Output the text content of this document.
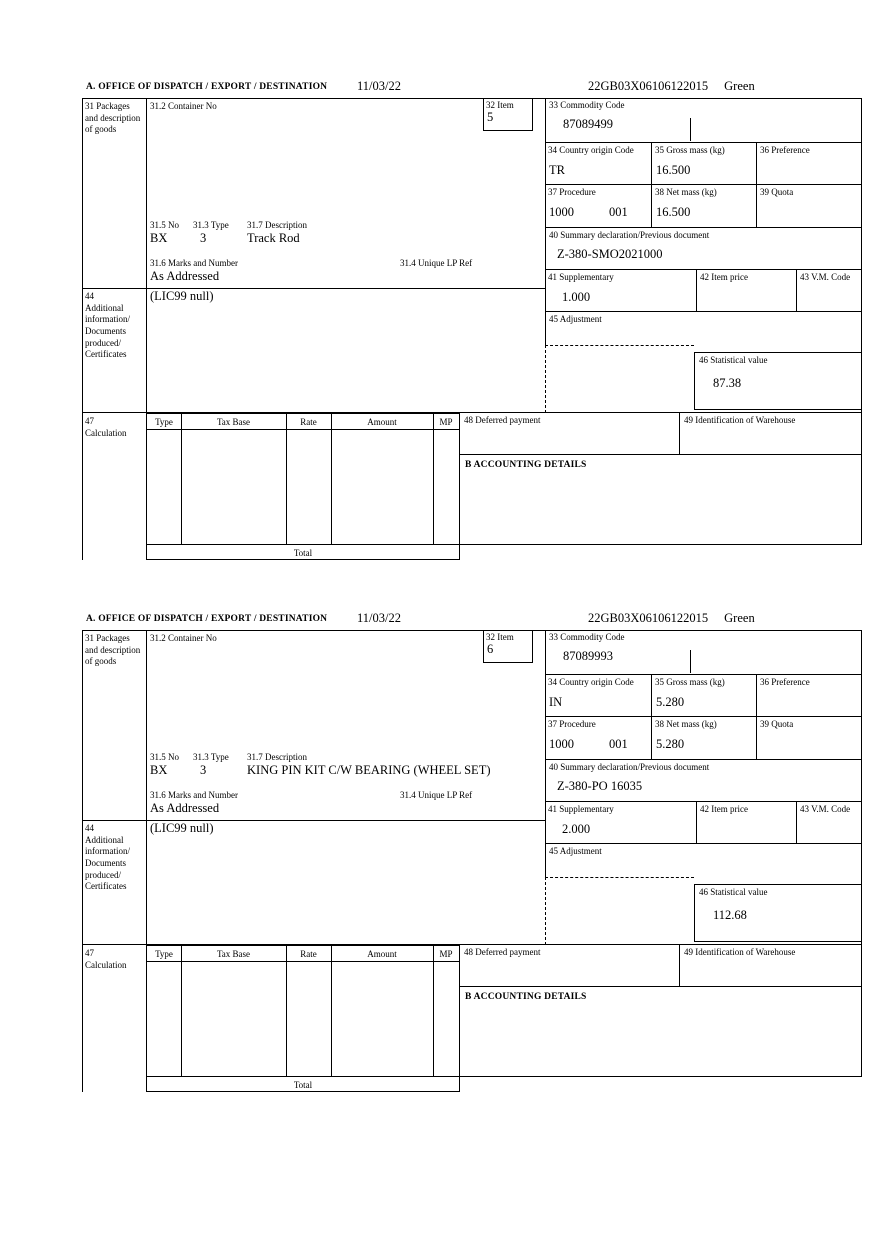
A. OFFICE OF DISPATCH / EXPORT / DESTINATION 11/03/22	22GB03X06106122015 Green
31 Packages and description of goods
44
Additional information/ Documents produced/ Certificates
31.2 Container No	32 Item
5
31.5 No 31.3 Type 31.7 Description
BX	3	Track Rod
31.6 Marks and Number	31.4 Unique LP Ref
As Addressed
(LIC99 null)
33 Commodity Code
87089499
34 Country origin Code
TR
35 Gross mass (kg)
16.500
36 Preference
37 Procedure
1000	001
38 Net mass (kg)
16.500
39 Quota
40 Summary declaration/Previous document
Z-380-SMO2021000
41 Supplementary
1.000
42 Item price	43 V.M. Code
45 Adjustment
46 Statistical value
87.38
47 Calculation
Type	Tax Base	Rate	Amount	MP
Total
48 Deferred payment	49 Identification of Warehouse
B ACCOUNTING DETAILS
A. OFFICE OF DISPATCH / EXPORT / DESTINATION 11/03/22	22GB03X06106122015 Green
31 Packages and description of goods
44
Additional information/ Documents produced/ Certificates
31.2 Container No	32 Item
6
31.5 No 31.3 Type 31.7 Description
BX	3	KING PIN KIT C/W BEARING (WHEEL SET)
31.6 Marks and Number	31.4 Unique LP Ref
As Addressed
(LIC99 null)
33 Commodity Code
87089993
34 Country origin Code
IN
35 Gross mass (kg)
5.280
36 Preference
37 Procedure
1000	001
38 Net mass (kg)
5.280
39 Quota
40 Summary declaration/Previous document
Z-380-PO 16035
41 Supplementary
2.000
42 Item price	43 V.M. Code
45 Adjustment
46 Statistical value
112.68
47 Calculation
Type	Tax Base	Rate	Amount	MP
Total
48 Deferred payment	49 Identification of Warehouse
B ACCOUNTING DETAILS
